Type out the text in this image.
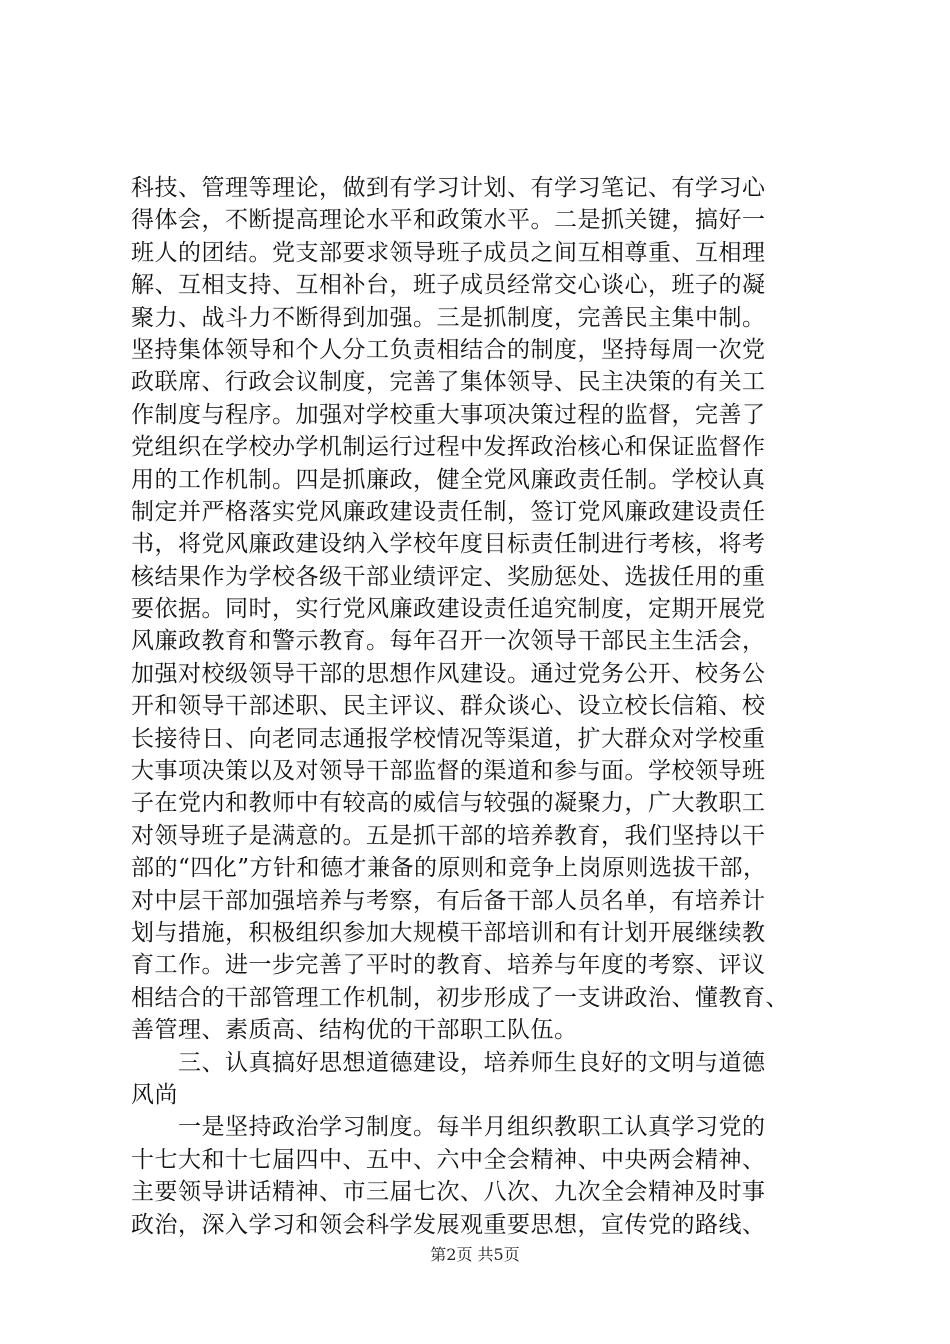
科技、管理等理论，做到有学习计划、有学习笔记、有学习心
得体会，不断提高理论水平和政策水平。二是抓关键，搞好一
班人的团结。党支部要求领导班子成员之间互相尊重、互相理
解、互相支持、互相补台，班子成员经常交心谈心，班子的凝
聚力、战斗力不断得到加强。三是抓制度，完善民主集中制。
坚持集体领导和个人分工负责相结合的制度，坚持每周一次党
政联席、行政会议制度，完善了集体领导、民主决策的有关工
作制度与程序。加强对学校重大事项决策过程的监督，完善了
党组织在学校办学机制运行过程中发挥政治核心和保证监督作
用的工作机制。四是抓廉政，健全党风廉政责任制。学校认真
制定并严格落实党风廉政建设责任制，签订党风廉政建设责任
书，将党风廉政建设纳入学校年度目标责任制进行考核，将考
核结果作为学校各级干部业绩评定、奖励惩处、选拔任用的重
要依据。同时，实行党风廉政建设责任追究制度，定期开展党
风廉政教育和警示教育。每年召开一次领导干部民主生活会，
加强对校级领导干部的思想作风建设。通过党务公开、校务公
开和领导干部述职、民主评议、群众谈心、设立校长信箱、校
长接待日、向老同志通报学校情况等渠道，扩大群众对学校重
大事项决策以及对领导干部监督的渠道和参与面。学校领导班
子在党内和教师中有较高的威信与较强的凝聚力，广大教职工
对领导班子是满意的。五是抓干部的培养教育，我们坚持以干
部的“四化”方针和德才兼备的原则和竞争上岗原则选拔干部，
对中层干部加强培养与考察，有后备干部人员名单，有培养计
划与措施，积极组织参加大规模干部培训和有计划开展继续教
育工作。进一步完善了平时的教育、培养与年度的考察、评议
相结合的干部管理工作机制，初步形成了一支讲政治、懂教育、
善管理、素质高、结构优的干部职工队伍。
　　三、认真搞好思想道德建设，培养师生良好的文明与道德
风尚
　　一是坚持政治学习制度。每半月组织教职工认真学习党的
十七大和十七届四中、五中、六中全会精神、中央两会精神、
主要领导讲话精神、市三届七次、八次、九次全会精神及时事
政治，深入学习和领会科学发展观重要思想，宣传党的路线、
第2页 共5页
